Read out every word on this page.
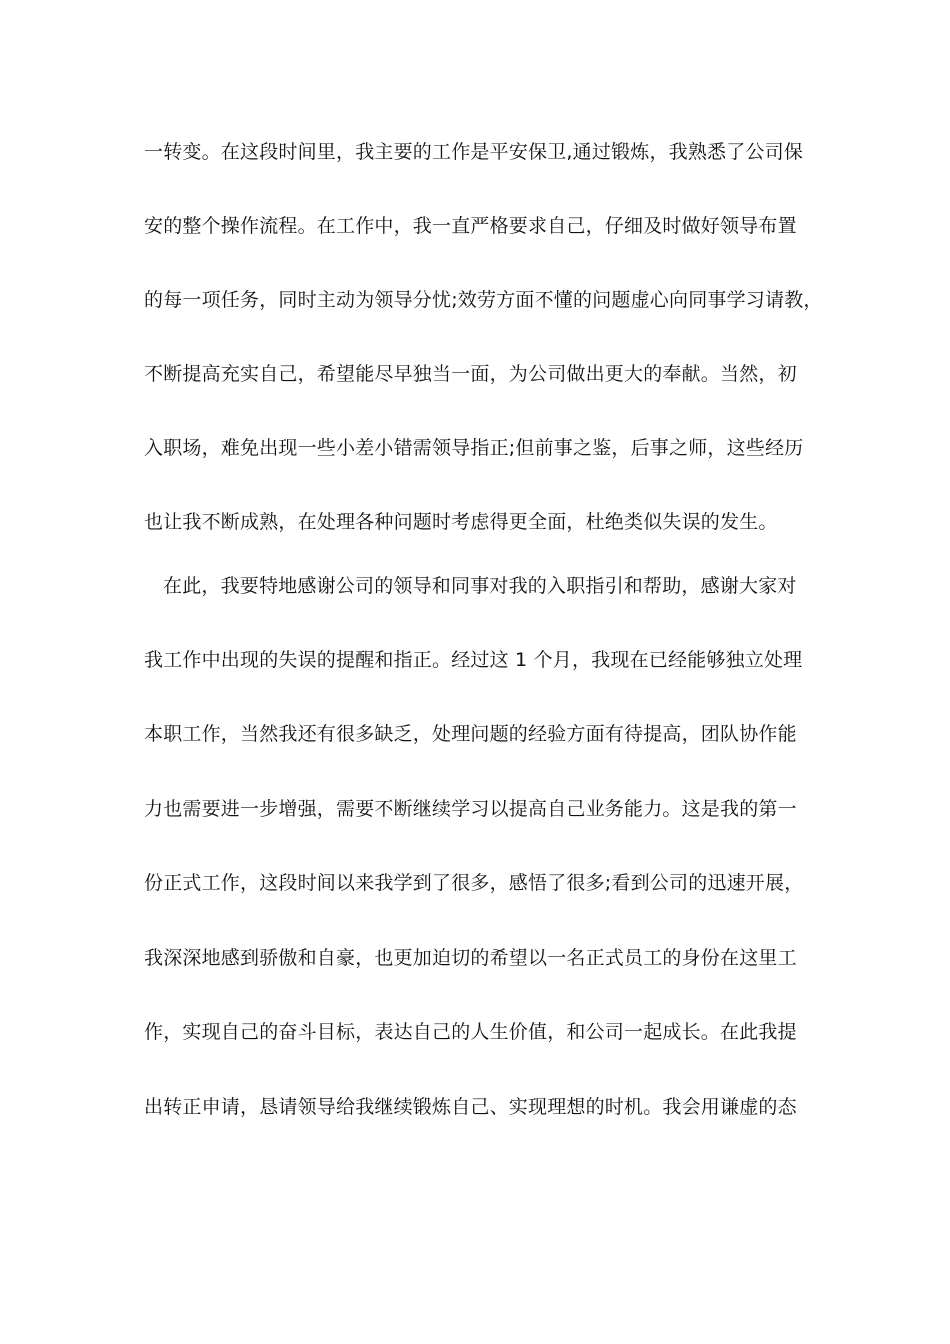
一转变。在这段时间里，我主要的工作是平安保卫,通过锻炼，我熟悉了公司保
安的整个操作流程。在工作中，我一直严格要求自己，仔细及时做好领导布置
的每一项任务，同时主动为领导分忧;效劳方面不懂的问题虚心向同事学习请教，
不断提高充实自己，希望能尽早独当一面，为公司做出更大的奉献。当然，初
入职场，难免出现一些小差小错需领导指正;但前事之鉴，后事之师，这些经历
也让我不断成熟，在处理各种问题时考虑得更全面，杜绝类似失误的发生。
在此，我要特地感谢公司的领导和同事对我的入职指引和帮助，感谢大家对
我工作中出现的失误的提醒和指正。经过这 1 个月，我现在已经能够独立处理
本职工作，当然我还有很多缺乏，处理问题的经验方面有待提高，团队协作能
力也需要进一步增强，需要不断继续学习以提高自己业务能力。这是我的第一
份正式工作，这段时间以来我学到了很多，感悟了很多;看到公司的迅速开展，
我深深地感到骄傲和自豪，也更加迫切的希望以一名正式员工的身份在这里工
作，实现自己的奋斗目标，表达自己的人生价值，和公司一起成长。在此我提
出转正申请，恳请领导给我继续锻炼自己、实现理想的时机。我会用谦虚的态
